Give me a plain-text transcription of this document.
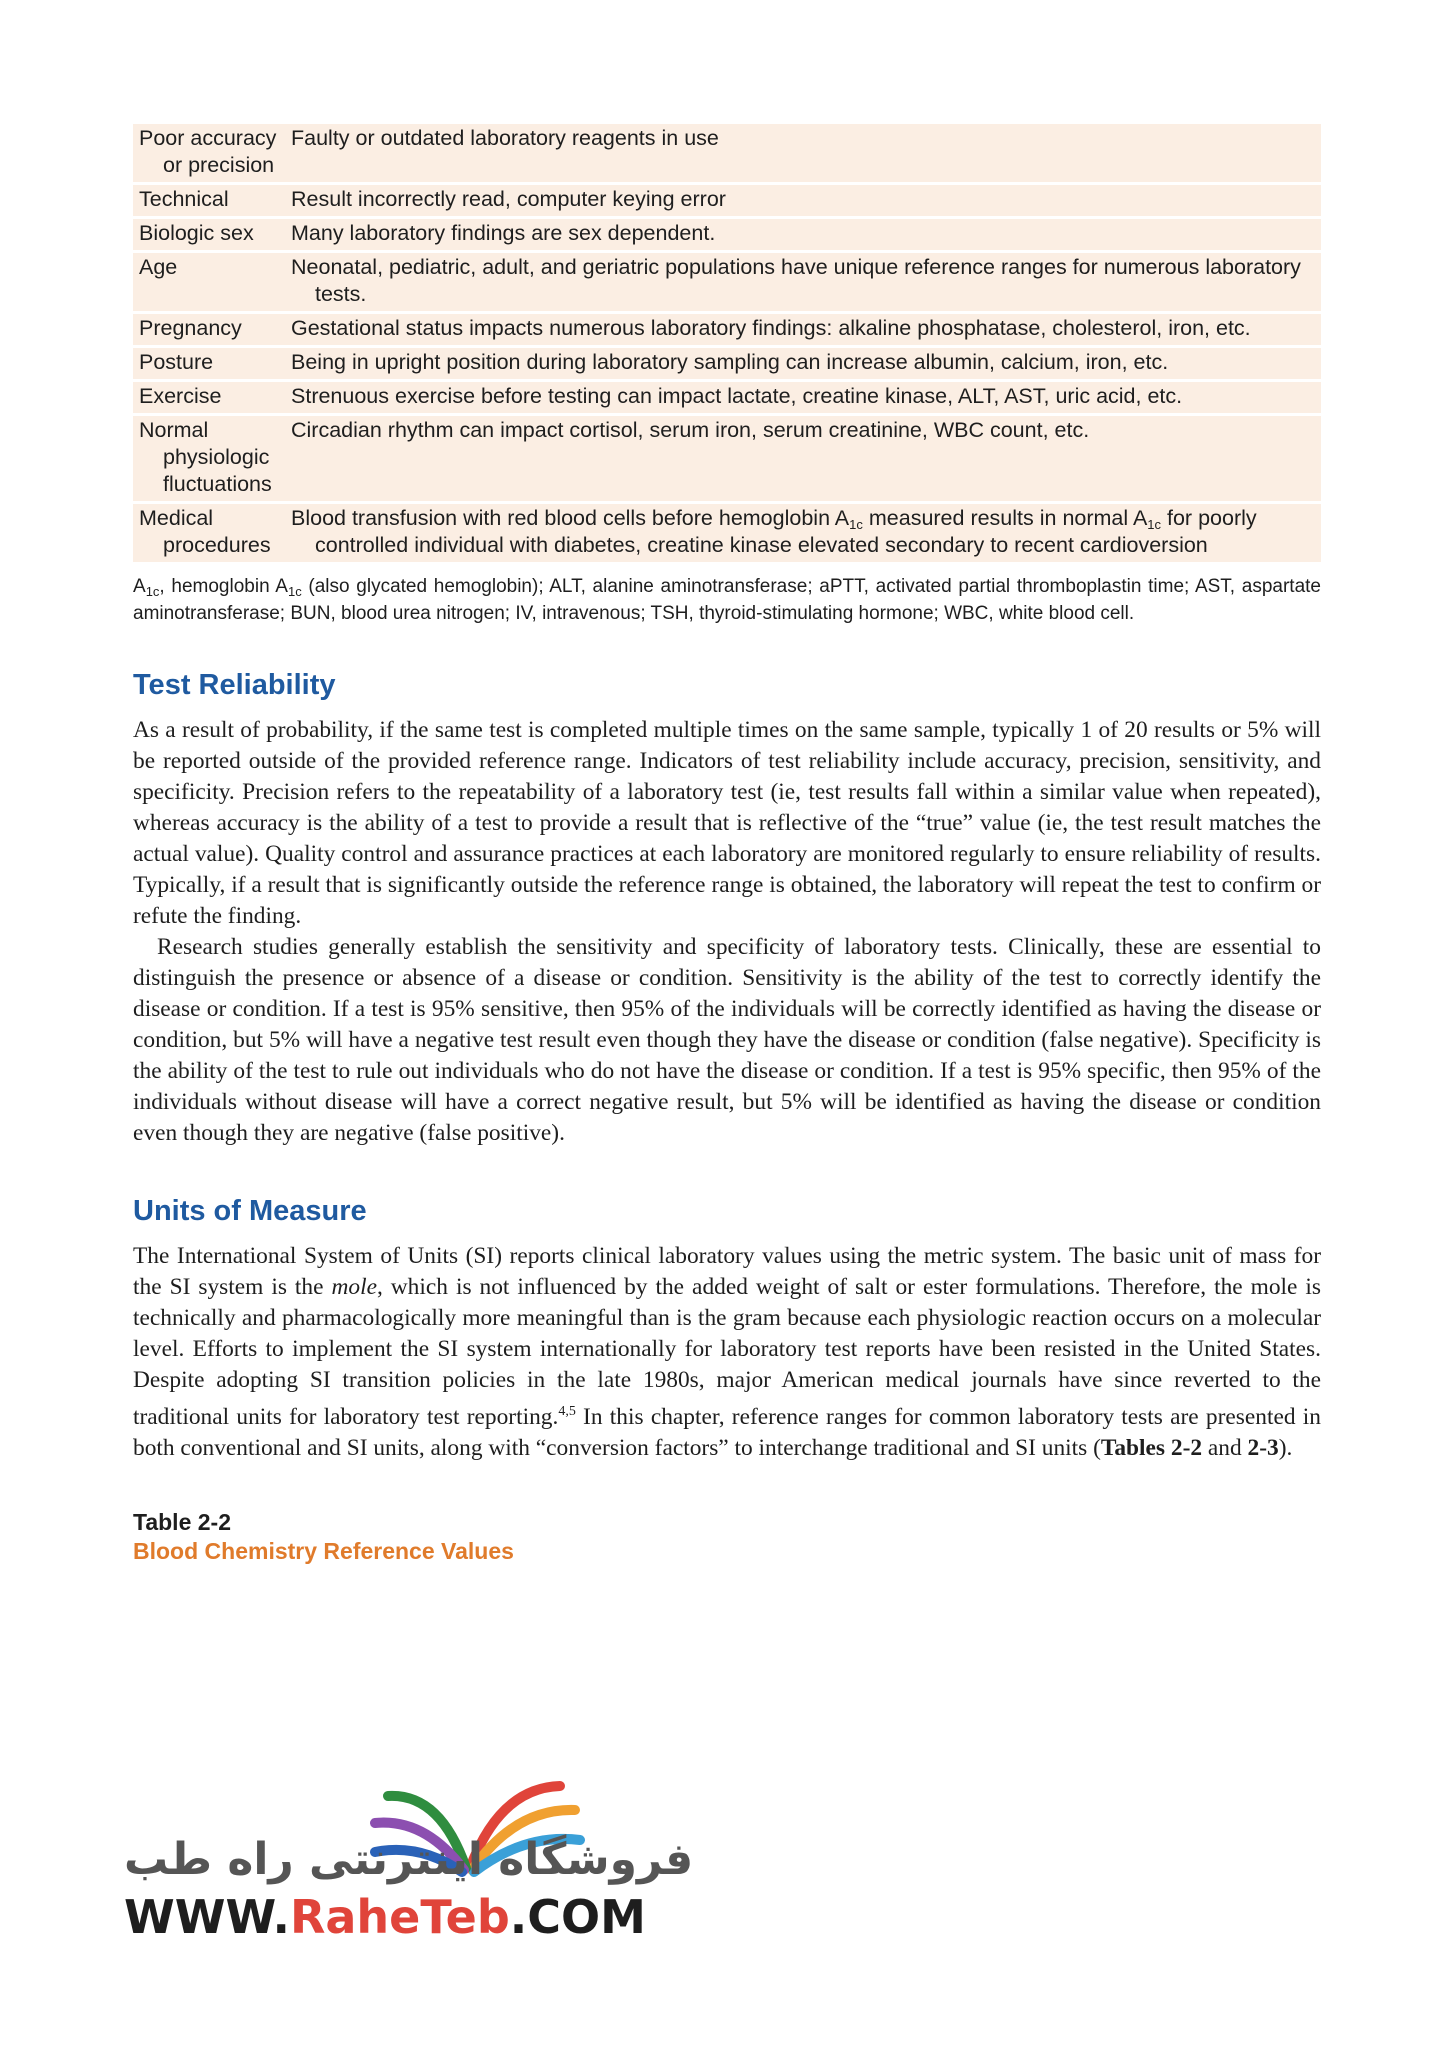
Poor accuracy or precision	Faulty or outdated laboratory reagents in use

Technical	Result incorrectly read, computer keying error

Biologic sex	Many laboratory findings are sex dependent.

Age	Neonatal, pediatric, adult, and geriatric populations have unique reference ranges for numerous laboratory tests.

Pregnancy	Gestational status impacts numerous laboratory findings: alkaline phosphatase, cholesterol, iron, etc.

Posture	Being in upright position during laboratory sampling can increase albumin, calcium, iron, etc.

Exercise	Strenuous exercise before testing can impact lactate, creatine kinase, ALT, AST, uric acid, etc.

Normal physiologic fluctuations	Circadian rhythm can impact cortisol, serum iron, serum creatinine, WBC count, etc.

Medical procedures	Blood transfusion with red blood cells before hemoglobin $A_{1c}$ measured results in normal $A_{1c}$ for poorly controlled individual with diabetes, creatine kinase elevated secondary to recent cardioversion
$A_{1c}$, hemoglobin $A_{1c}$ (also glycated hemoglobin); ALT, alanine aminotransferase; aPTT, activated partial thromboplastin time; AST, aspartate aminotransferase; BUN, blood urea nitrogen; IV, intravenous; TSH, thyroid-stimulating hormone; WBC, white blood cell.
Test Reliability

As a result of probability, if the same test is completed multiple times on the same sample, typically 1 of 20 results or 5% will be reported outside of the provided reference range. Indicators of test reliability include accuracy, precision, sensitivity, and specificity. Precision refers to the repeatability of a laboratory test (ie, test results fall within a similar value when repeated), whereas accuracy is the ability of a test to provide a result that is reflective of the “true” value (ie, the test result matches the actual value). Quality control and assurance practices at each laboratory are monitored regularly to ensure reliability of results. Typically, if a result that is significantly outside the reference range is obtained, the laboratory will repeat the test to confirm or refute the finding.

Research studies generally establish the sensitivity and specificity of laboratory tests. Clinically, these are essential to distinguish the presence or absence of a disease or condition. Sensitivity is the ability of the test to correctly identify the disease or condition. If a test is 95% sensitive, then 95% of the individuals will be correctly identified as having the disease or condition, but 5% will have a negative test result even though they have the disease or condition (false negative). Specificity is the ability of the test to rule out individuals who do not have the disease or condition. If a test is 95% specific, then 95% of the individuals without disease will have a correct negative result, but 5% will be identified as having the disease or condition even though they are negative (false positive).

Units of Measure

The International System of Units (SI) reports clinical laboratory values using the metric system. The basic unit of mass for the SI system is the mole, which is not influenced by the added weight of salt or ester formulations. Therefore, the mole is technically and pharmacologically more meaningful than is the gram because each physiologic reaction occurs on a molecular level. Efforts to implement the SI system internationally for laboratory test reports have been resisted in the United States. Despite adopting SI transition policies in the late 1980s, major American medical journals have since reverted to the traditional units for laboratory test reporting.$^{4,5}$ In this chapter, reference ranges for common laboratory tests are presented in both conventional and SI units, along with “conversion factors” to interchange traditional and SI units (Tables 2-2 and 2-3).

Table 2-2
Blood Chemistry Reference Values
فروشگاه اینترنتی راه طب
WWW.RaheTeb.COM
